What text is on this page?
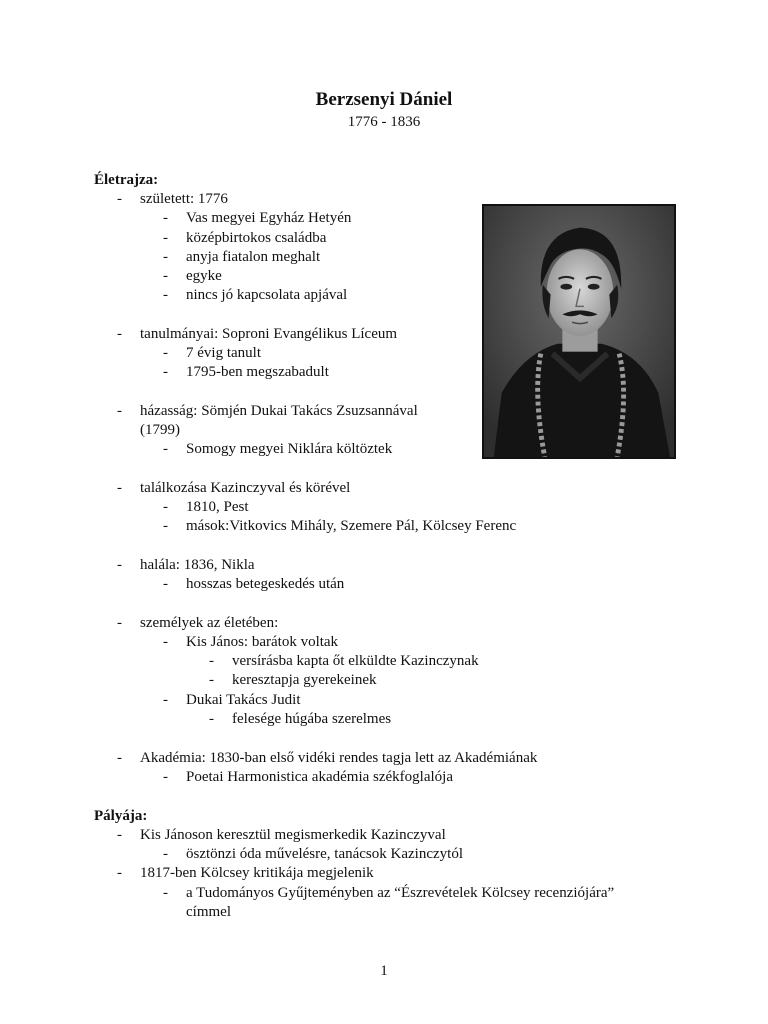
Berzsenyi Dániel
1776 - 1836
Életrajza:
- született: 1776
- Vas megyei Egyház Hetyén
- középbirtokos családba
- anyja fiatalon meghalt
- egyke
- nincs jó kapcsolata apjával
- tanulmányai: Soproni Evangélikus Líceum
- 7 évig tanult
- 1795-ben megszabadult
- házasság: Sömjén Dukai Takács Zsuzsannával
(1799)
- Somogy megyei Niklára költöztek
- találkozása Kazinczyval és körével
- 1810, Pest
- mások:Vitkovics Mihály, Szemere Pál, Kölcsey Ferenc
- halála: 1836, Nikla
- hosszas betegeskedés után
- személyek az életében:
- Kis János: barátok voltak
- versírásba kapta őt elküldte Kazinczynak
- keresztapja gyerekeinek
- Dukai Takács Judit
- felesége húgába szerelmes
- Akadémia: 1830-ban első vidéki rendes tagja lett az Akadémiának
- Poetai Harmonistica akadémia székfoglalója
Pályája:
- Kis Jánoson keresztül megismerkedik Kazinczyval
- ösztönzi óda művelésre, tanácsok Kazinczytól
- 1817-ben Kölcsey kritikája megjelenik
- a Tudományos Gyűjteményben az “Észrevételek Kölcsey recenziójára”
címmel
1
